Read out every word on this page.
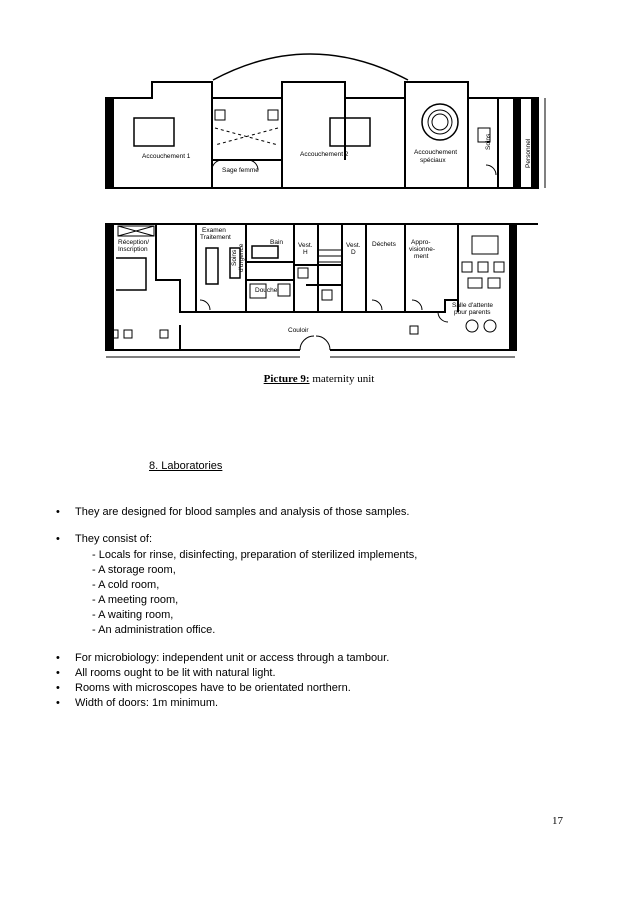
Accouchement 1	Accouchement 2	Accouchement
spéciaux
Sage femme
Soins	Personnel
Réception/
Inscription
Examen
Traitement
Soins d'urgence
Bain
Douche
Vest.
H
Vest.
D
Déchets Appro-
visionne-
ment
Salle d'attente
pour parents
Couloir
Picture 9: maternity unit
8. Laboratories
• They are designed for blood samples and analysis of those samples.
• They consist of:
- Locals for rinse, disinfecting, preparation of sterilized implements,
- A storage room,
- A cold room,
- A meeting room,
- A waiting room,
- An administration office.
• For microbiology: independent unit or access through a tambour.
• All rooms ought to be lit with natural light.
• Rooms with microscopes have to be orientated northern.
• Width of doors: 1m minimum.
17
